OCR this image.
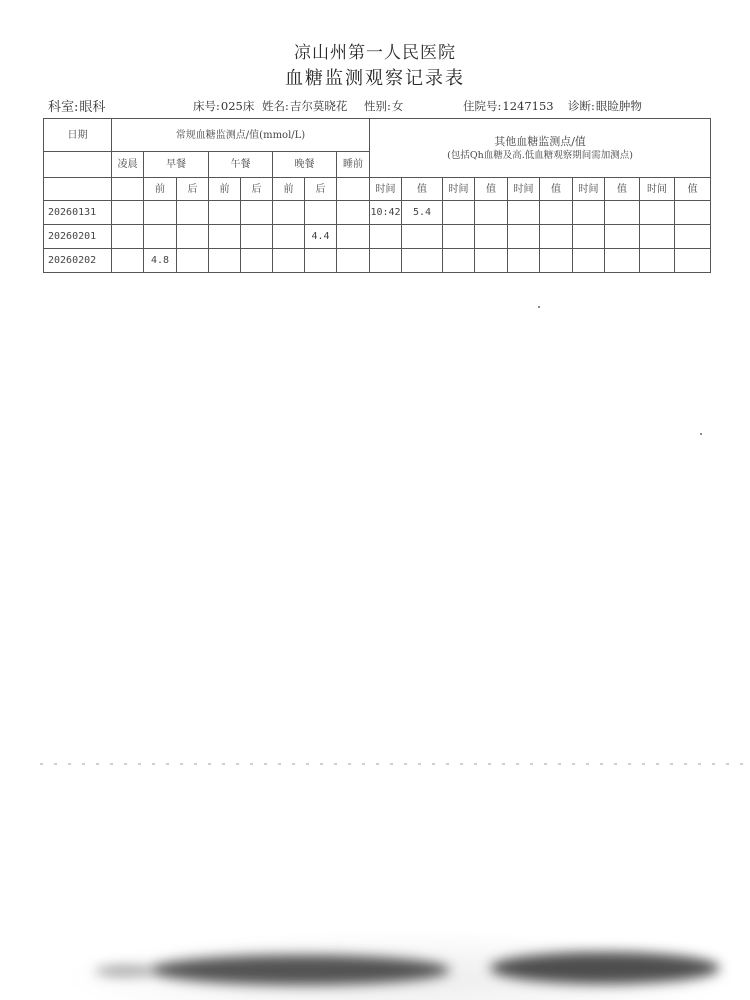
凉山州第一人民医院
血糖监测观察记录表
科室:眼科	床号:025床 姓名:吉尔莫晓花 性别:女	住院号:1247153 诊断:眼睑肿物
日期	常规血糖监测点/值(mmol/L)								其他血糖监测点/值
(包括Qh血糖及高.低血糖观察期间需加测点)									

	凌晨	早餐		午餐		晚餐		睡前										
		前	后	前	后	前	后		时间	值	时间	值	时间	值	时间	值	时间	值
20260131									10:42	5.4								
20260201							4.4											
20260202		4.8																
